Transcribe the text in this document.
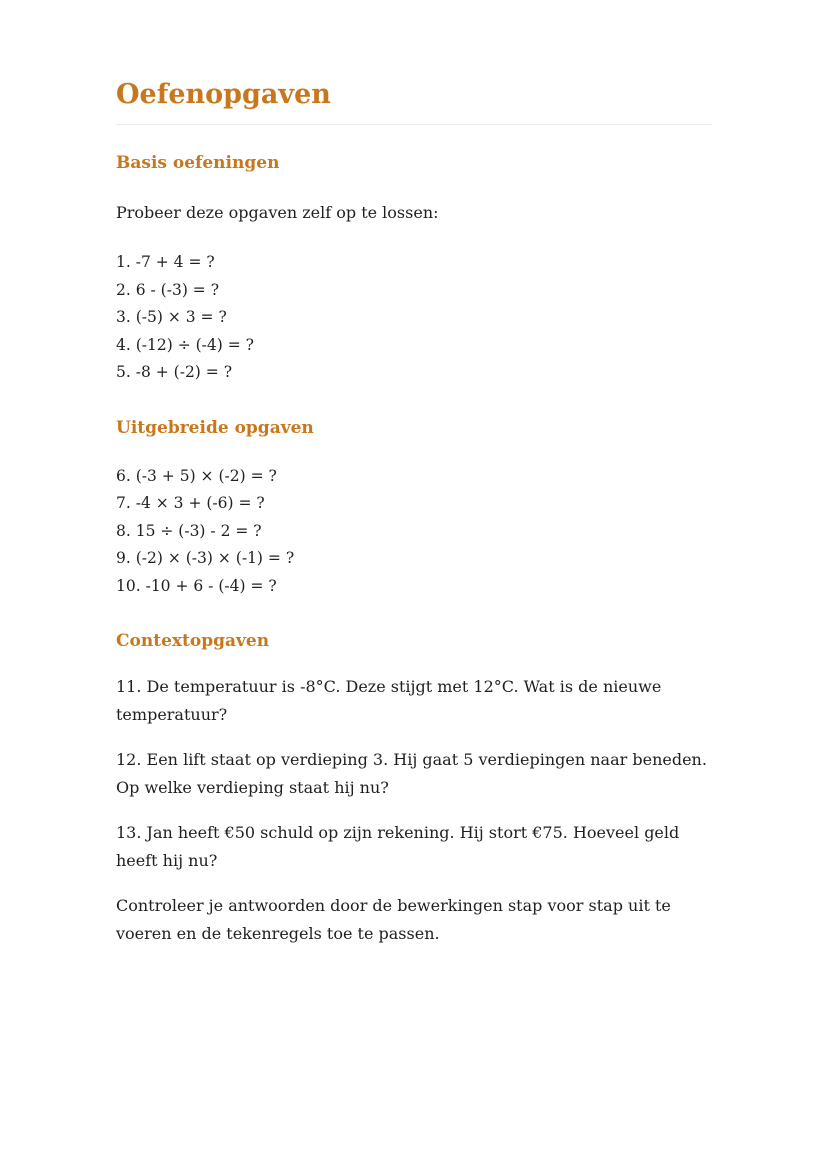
Oefenopgaven
Basis oefeningen

Probeer deze opgaven zelf op te lossen:

1. -7 + 4 = ?
2. 6 - (-3) = ?
3. (-5) × 3 = ?
4. (-12) ÷ (-4) = ?
5. -8 + (-2) = ?
Uitgebreide opgaven
6. (-3 + 5) × (-2) = ?
7. -4 × 3 + (-6) = ?
8. 15 ÷ (-3) - 2 = ?
9. (-2) × (-3) × (-1) = ?
10. -10 + 6 - (-4) = ?
Contextopgaven

11. De temperatuur is -8°C. Deze stijgt met 12°C. Wat is de nieuwe temperatuur?

12. Een lift staat op verdieping 3. Hij gaat 5 verdiepingen naar beneden. Op welke verdieping staat hij nu?

13. Jan heeft €50 schuld op zijn rekening. Hij stort €75. Hoeveel geld heeft hij nu?

Controleer je antwoorden door de bewerkingen stap voor stap uit te voeren en de tekenregels toe te passen.
